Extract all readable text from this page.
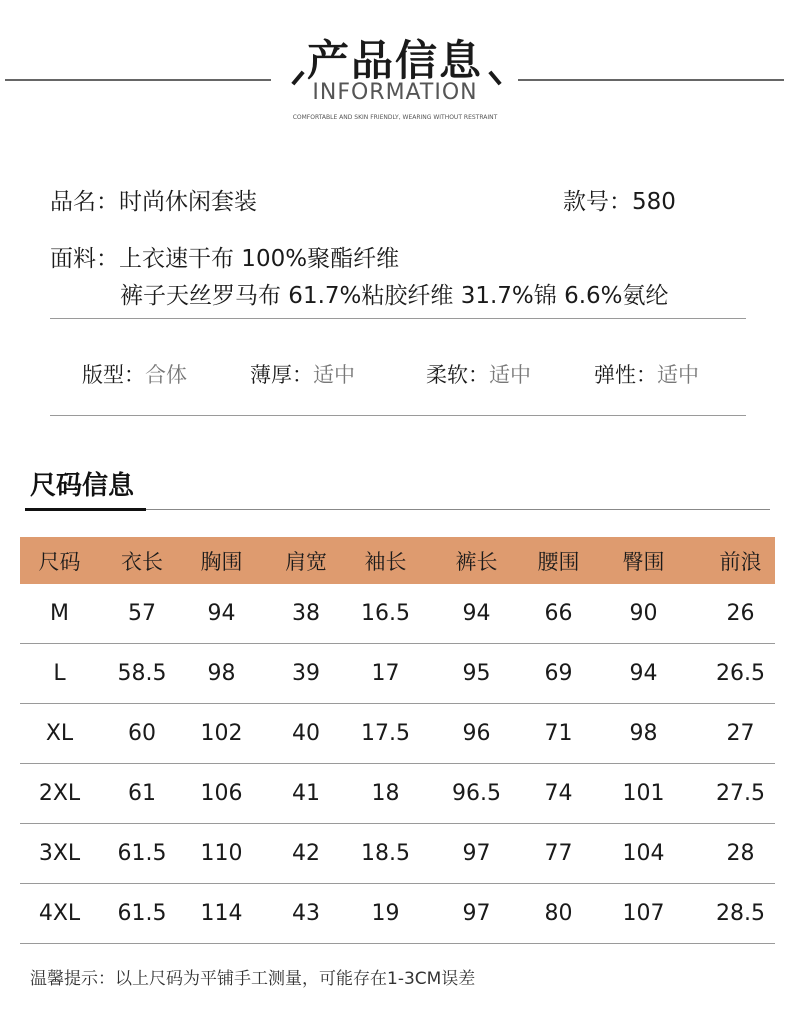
产品信息
INFORMATION
COMFORTABLE AND SKIN FRIENDLY, WEARING WITHOUT RESTRAINT
品名：时尚休闲套装	款号：580
面料：上衣速干布 100%聚酯纤维
裤子天丝罗马布 61.7%粘胶纤维 31.7%锦 6.6%氨纶
版型：合体	薄厚：适中	柔软：适中	弹性：适中
尺码信息
尺码	衣长	胸围	肩宽	袖长	裤长	腰围	臀围	前浪
M	57	94	38	16.5	94	66	90	26
L	58.5	98	39	17	95	69	94	26.5
XL	60	102	40	17.5	96	71	98	27
2XL	61	106	41	18	96.5	74	101	27.5
3XL	61.5	110	42	18.5	97	77	104	28
4XL	61.5	114	43	19	97	80	107	28.5
温馨提示：以上尺码为平铺手工测量，可能存在1-3CM误差
